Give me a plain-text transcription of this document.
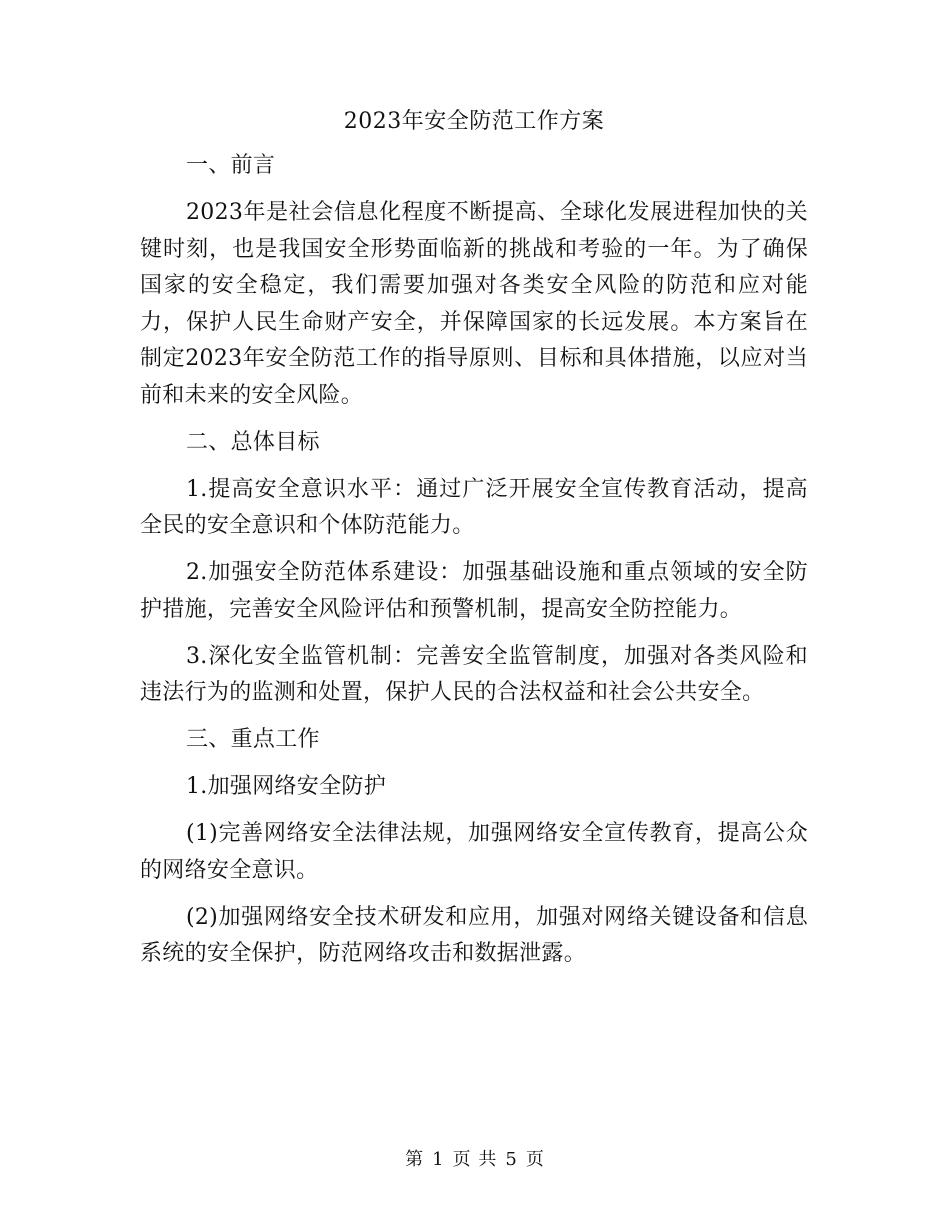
2023年安全防范工作方案

一、前言

2023年是社会信息化程度不断提高、全球化发展进程加快的关键时刻，也是我国安全形势面临新的挑战和考验的一年。为了确保国家的安全稳定，我们需要加强对各类安全风险的防范和应对能力，保护人民生命财产安全，并保障国家的长远发展。本方案旨在制定2023年安全防范工作的指导原则、目标和具体措施，以应对当前和未来的安全风险。

二、总体目标

1.提高安全意识水平：通过广泛开展安全宣传教育活动，提高全民的安全意识和个体防范能力。

2.加强安全防范体系建设：加强基础设施和重点领域的安全防护措施，完善安全风险评估和预警机制，提高安全防控能力。

3.深化安全监管机制：完善安全监管制度，加强对各类风险和违法行为的监测和处置，保护人民的合法权益和社会公共安全。

三、重点工作

1.加强网络安全防护

(1)完善网络安全法律法规，加强网络安全宣传教育，提高公众的网络安全意识。

(2)加强网络安全技术研发和应用，加强对网络关键设备和信息系统的安全保护，防范网络攻击和数据泄露。

第 1 页 共 5 页
